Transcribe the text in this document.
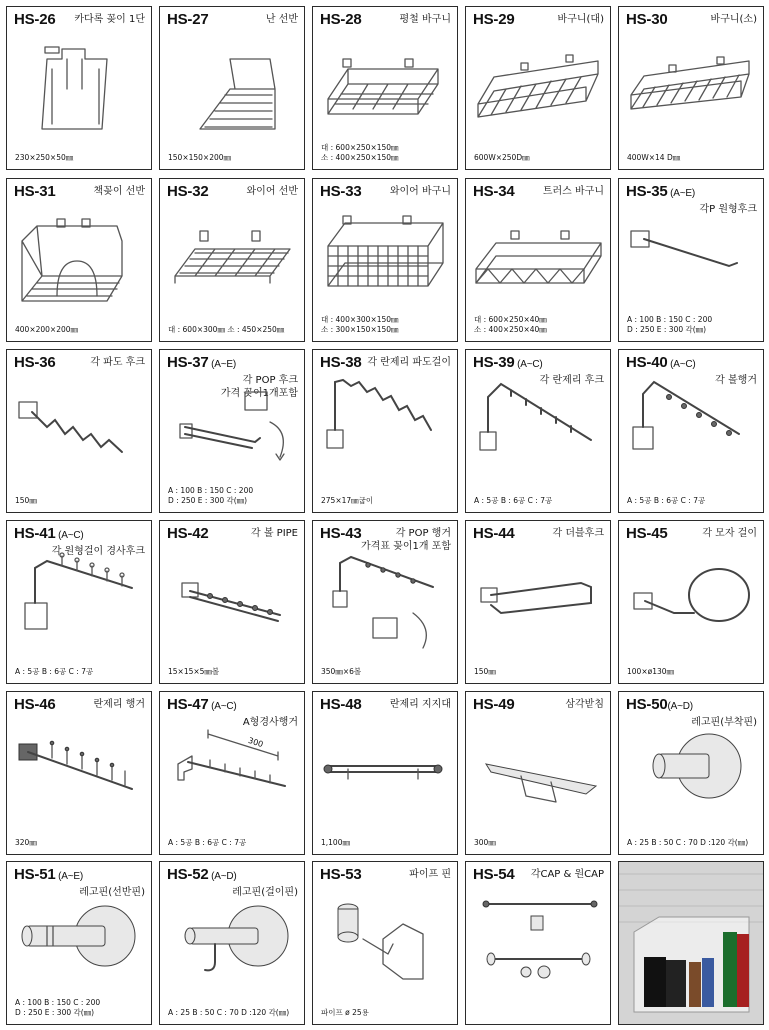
HS-26 카다록 꽂이 1단
230×250×50㎜
HS-27	난 선반
150×150×200㎜
HS-28	평철 바구니
대 : 600×250×150㎜
소 : 400×250×150㎜
HS-29	바구니(대)
600W×250D㎜
HS-30	바구니(소)
400W×14 D㎜
HS-31	책꽂이 선반
400×200×200㎜
HS-32	와이어 선반
대 : 600×300㎜ 소 : 450×250㎜
HS-33	와이어 바구니
대 : 400×300×150㎜
소 : 300×150×150㎜
HS-34	트러스 바구니
대 : 600×250×40㎜
소 : 400×250×40㎜
HS-35 (A~E)
각P 원형후크
A : 100 B : 150 C : 200
D : 250 E : 300 각(㎜)
HS-36	각 파도 후크
150㎜
HS-37 (A~E)
각 POP 후크
가격 꽂이1개포함
A : 100 B : 150 C : 200
D : 250 E : 300 각(㎜)
HS-38 각 란제리 파도걸이
275×17㎜굽이
HS-39 (A~C)
각 란제리 후크
A : 5공 B : 6공 C : 7공
HS-40 (A~C)
각 볼행거
A : 5공 B : 6공 C : 7공
HS-41 (A~C)
각 원형걸이 경사후크
A : 5공 B : 6공 C : 7공
HS-42	각 볼 PIPE
15×15×5㎜볼
HS-43	각 POP 행거
가격표 꽂이1개 포함
350㎜×6볼
HS-44	각 더블후크
150㎜
HS-45	각 모자 걸이
100×ø130㎜
HS-46	란제리 행거
320㎜
HS-47 (A~C)
A형경사행거
A : 5공 B : 6공 C : 7공
300
HS-48	란제리 지지대
1,100㎜
HS-49	삼각받침
300㎜
HS-50(A~D)
레고핀(부착핀)
A : 25 B : 50 C : 70 D :120 각(㎜)
HS-51 (A~E)
레고핀(선반핀)
A : 100 B : 150 C : 200
D : 250 E : 300 각(㎜)
HS-52 (A~D)
레고핀(걸이핀)
A : 25 B : 50 C : 70 D :120 각(㎜)
HS-53	파이프 핀
파이프 ø 25용
HS-54 각CAP & 원CAP
